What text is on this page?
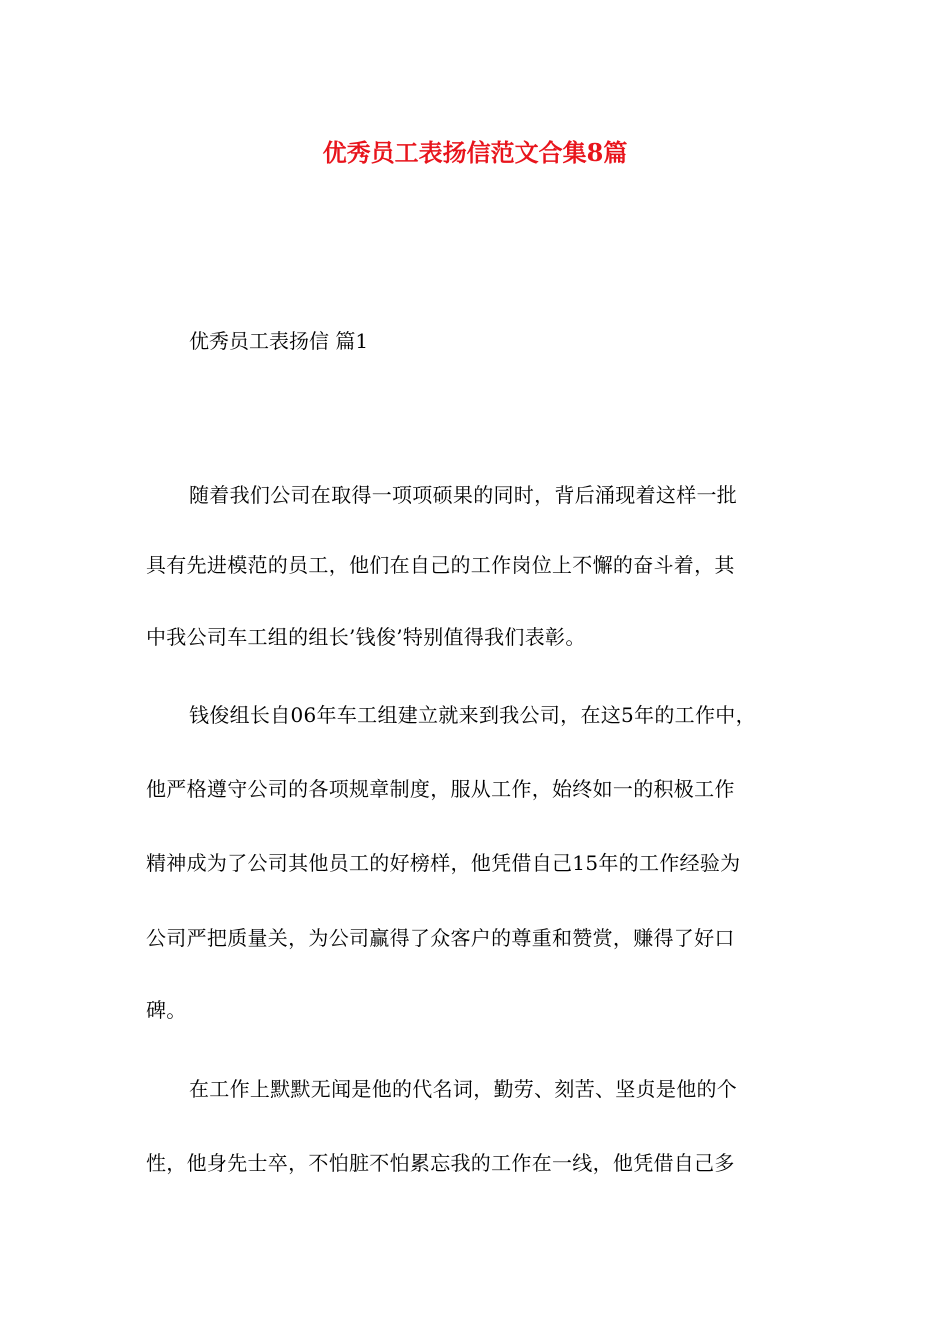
优秀员工表扬信范文合集8篇
优秀员工表扬信 篇1
随着我们公司在取得一项项硕果的同时，背后涌现着这样一批
具有先进模范的员工，他们在自己的工作岗位上不懈的奋斗着，其
中我公司车工组的组长’钱俊’特别值得我们表彰。
钱俊组长自06年车工组建立就来到我公司，在这5年的工作中，
他严格遵守公司的各项规章制度，服从工作，始终如一的积极工作
精神成为了公司其他员工的好榜样，他凭借自己15年的工作经验为
公司严把质量关，为公司赢得了众客户的尊重和赞赏，赚得了好口
碑。
在工作上默默无闻是他的代名词，勤劳、刻苦、坚贞是他的个
性，他身先士卒，不怕脏不怕累忘我的工作在一线，他凭借自己多
